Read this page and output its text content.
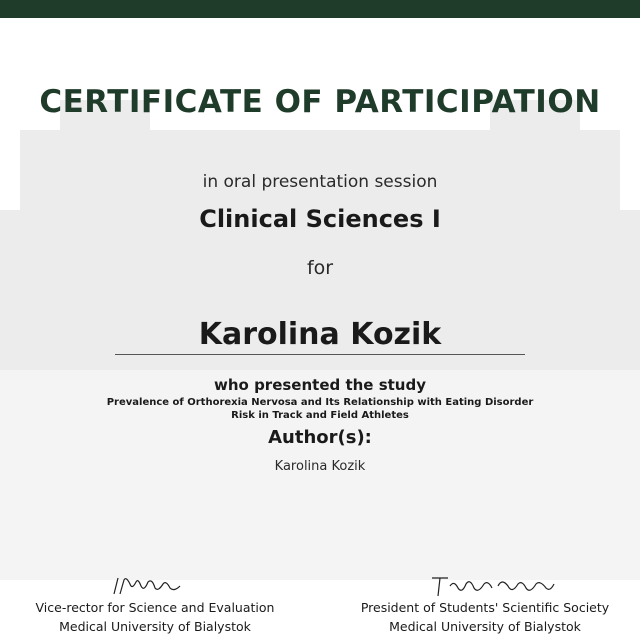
CERTIFICATE OF PARTICIPATION
in oral presentation session
Clinical Sciences I
for
Karolina Kozik
who presented the study
Prevalence of Orthorexia Nervosa and Its Relationship with Eating Disorder
Risk in Track and Field Athletes
Author(s):
Karolina Kozik
Vice-rector for Science and Evaluation
Medical University of Bialystok
President of Students' Scientific Society
Medical University of Bialystok
